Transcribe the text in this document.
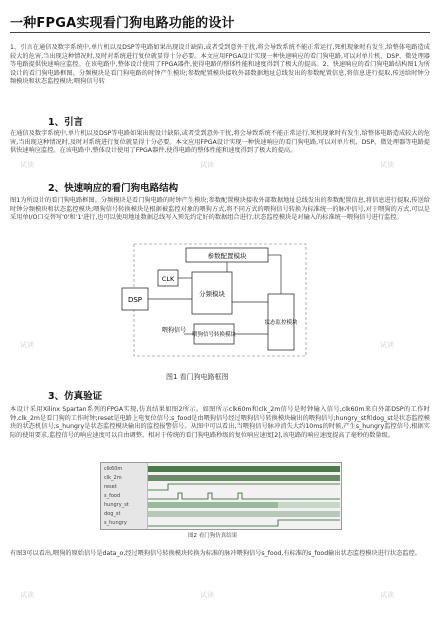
一种FPGA实现看门狗电路功能的设计
1、引言在通信及数字系统中,单片机以及DSP等电路如果出现设计缺陷,或者受到意外干扰,将会导致系统不能正常运行,死机现象时有发生,给整体电路造成较大的危害,当出现这种情况时,及时对系统进行复位就显得十分必要。本文应用FPGA设计实现一种快速响应的看门狗电路,可以对单片机、DSP、微处理器等电路提供快速响应监控。在该电路中,整体设计使用了FPGA器件,使得电路的整体性能和速度得到了极大的提高。2、快速响应的看门狗电路结构图1为所设计的看门狗电路框图。分频模块是看门狗电路的时钟产生模块;参数配置模块接收外部数据地址总线发出的参数配置信息,将信息进行提取,传送给时钟分频模块和状态监控模块;喂狗信号转
1、引言
在通信及数字系统中,单片机以及DSP等电路如果出现设计缺陷,或者受到意外干扰,将会导致系统不能正常运行,死机现象时有发生,给整体电路造成较大的危害,当出现这种情况时,及时对系统进行复位就显得十分必要。本文应用FPGA设计实现一种快速响应的看门狗电路,可以对单片机、DSP、微处理器等电路提供快速响应监控。在该电路中,整体设计使用了FPGA器件,使得电路的整体性能和速度得到了极大的提高。
2、快速响应的看门狗电路结构
图1为所设计的看门狗电路框图。分频模块是看门狗电路的时钟产生模块;参数配置模块接收外部数据地址总线发出的参数配置信息,将信息进行提取,传送给时钟分频模块和状态监控模块;喂狗信号转换模块是根据被监控对象的喂狗方式,将不同方式的喂狗信号转换为标准统一的脉冲信号,对于喂狗的方式,可以是采用单I/O口交替写'0'和'1'进行,也可以使用地址数据总线写入预先约定好的数据组合进行;状态监控模块是对输入的标准统一喂狗信号进行监控。
DSP
参数配置模块
CLK
分频模块
喂狗信号
喂狗信号转换模块
状态监控模块
图1 看门狗电路框图
3、仿真验证
本设计采用Xilinx Spartan系列的FPGA实现,仿真结果如图2所示。如图所示clk60m和clk_2m信号是时钟输入信号,clk60m来自外部DSP的工作时钟,clk_2m是看门狗的工作时钟;reset是电路上电复位信号;s_food是由喂狗信号经过喂狗信号转换模块输出的喂狗信号;hungry_st和dog_st是状态监控模块的状态机信号;s_hungry是状态监控模块输出的监控报警信号。从图中可以看出,当喂狗信号脉冲消失大约10ms的时候,产生s_hungry监控信号,根据实际的使用要求,监控信号的响应速度可以自由调整。相对于传统的看门狗电路秒级的复位响应速度[2],该电路的响应速度提高了毫秒的数量级。
clk60m
clk_2m
reset
s_food
hungry_st
dog_st
s_hungry
图2 看门狗仿真结果
有图3可以看出,喂狗的原始信号是data_o,经过喂狗信号转换模块转换为标准的脉冲喂狗信号s_food,有标准的s_food输出状态监控模块进行状态监控。
试读	试读	试读
试读	试读
试读	试读	试读
